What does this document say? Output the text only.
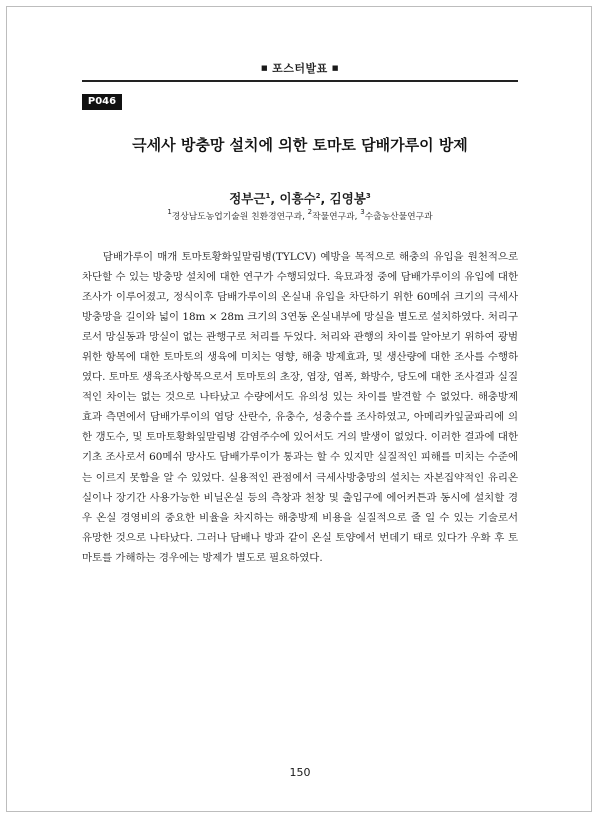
■ 포스터발표 ■
P046
극세사 방충망 설치에 의한 토마토 담배가루이 방제
정부근$^1$, 이흥수$^2$, 김영봉$^3$
$^1$경상남도농업기술원 친환경연구과, $^2$작물연구과, $^3$수출농산물연구과

담배가루이 매개 토마토황화잎말림병(TYLCV) 예방을 목적으로 해충의 유입을 원천적으로 차단할 수 있는 방충망 설치에 대한 연구가 수행되었다. 육묘과정 중에 담배가루이의 유입에 대한 조사가 이루어졌고, 정식이후 담배가루이의 온실내 유입을 차단하기 위한 60메쉬 크기의 극세사방충망을 길이와 넓이 18m × 28m 크기의 3연동 온실내부에 망실을 별도로 설치하였다. 처리구로서 망실동과 망실이 없는 관행구로 처리를 두었다. 처리와 관행의 차이를 알아보기 위하여 광범위한 항목에 대한 토마토의 생육에 미치는 영향, 해충 방제효과, 및 생산량에 대한 조사를 수행하였다. 토마토 생육조사항목으로서 토마토의 초장, 엽장, 엽폭, 화방수, 당도에 대한 조사결과 실질적인 차이는 없는 것으로 나타났고 수량에서도 유의성 있는 차이를 발견할 수 없었다. 해충방제 효과 측면에서 담배가루이의 엽당 산란수, 유충수, 성충수를 조사하였고, 아메리카잎굴파리에 의한 갱도수, 및 토마토황화잎말림병 감염주수에 있어서도 거의 발생이 없었다. 이러한 결과에 대한 기초 조사로서 60메쉬 망사도 담배가루이가 통과는 할 수 있지만 실질적인 피해를 미치는 수준에는 이르지 못함을 알 수 있었다. 실용적인 관점에서 극세사방충망의 설치는 자본집약적인 유리온실이나 장기간 사용가능한 비닐온실 등의 측창과 천창 및 출입구에 에어커튼과 동시에 설치할 경우 온실 경영비의 중요한 비율을 차지하는 해충방제 비용을 실질적으로 줄 일 수 있는 기술로서 유망한 것으로 나타났다. 그러나 담배나 방과 같이 온실 토양에서 번데기 태로 있다가 우화 후 토마토를 가해하는 경우에는 방제가 별도로 필요하였다.

150
